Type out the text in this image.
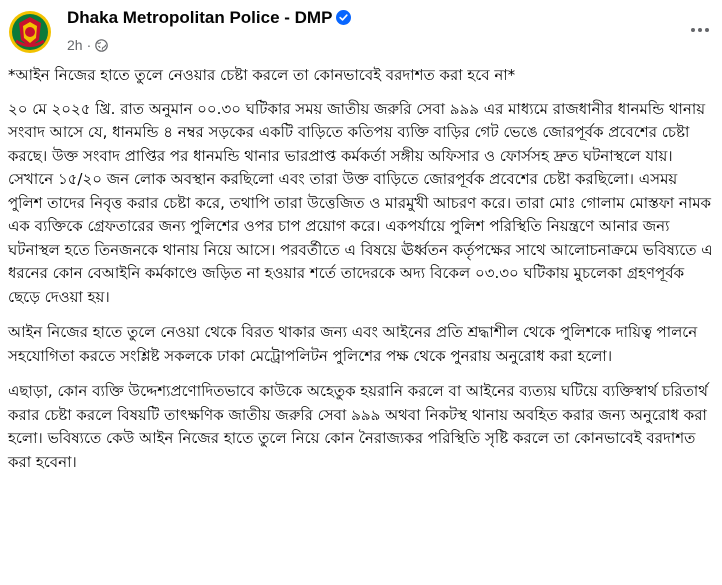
Dhaka Metropolitan Police - DMP
2h ·

*আইন নিজের হাতে তুলে নেওয়ার চেষ্টা করলে তা কোনভাবেই বরদাশত করা হবে না*

২০ মে ২০২৫ খ্রি. রাত অনুমান ০০.৩০ ঘটিকার সময় জাতীয় জরুরি সেবা ৯৯৯ এর মাধ্যমে রাজধানীর ধানমন্ডি থানায় সংবাদ আসে যে, ধানমন্ডি ৪ নম্বর সড়কের একটি বাড়িতে কতিপয় ব্যক্তি বাড়ির গেট ভেঙে জোরপূর্বক প্রবেশের চেষ্টা করছে। উক্ত সংবাদ প্রাপ্তির পর ধানমন্ডি থানার ভারপ্রাপ্ত কর্মকর্তা সঙ্গীয় অফিসার ও ফোর্সসহ দ্রুত ঘটনাস্থলে যায়। সেখানে ১৫/২০ জন লোক অবস্থান করছিলো এবং তারা উক্ত বাড়িতে জোরপূর্বক প্রবেশের চেষ্টা করছিলো। এসময় পুলিশ তাদের নিবৃত্ত করার চেষ্টা করে, তথাপি তারা উত্তেজিত ও মারমুখী আচরণ করে। তারা মোঃ গোলাম মোস্তফা নামক এক ব্যক্তিকে গ্রেফতারের জন্য পুলিশের ওপর চাপ প্রয়োগ করে। একপর্যায়ে পুলিশ পরিস্থিতি নিয়ন্ত্রণে আনার জন্য ঘটনাস্থল হতে তিনজনকে থানায় নিয়ে আসে। পরবর্তীতে এ বিষয়ে ঊর্ধ্বতন কর্তৃপক্ষের সাথে আলোচনাক্রমে ভবিষ্যতে এ ধরনের কোন বেআইনি কর্মকাণ্ডে জড়িত না হওয়ার শর্তে তাদেরকে অদ্য বিকেল ০৩.৩০ ঘটিকায় মুচলেকা গ্রহণপূর্বক ছেড়ে দেওয়া হয়।

আইন নিজের হাতে তুলে নেওয়া থেকে বিরত থাকার জন্য এবং আইনের প্রতি শ্রদ্ধাশীল থেকে পুলিশকে দায়িত্ব পালনে সহযোগিতা করতে সংশ্লিষ্ট সকলকে ঢাকা মেট্রোপলিটন পুলিশের পক্ষ থেকে পুনরায় অনুরোধ করা হলো।

এছাড়া, কোন ব্যক্তি উদ্দেশ্যপ্রণোদিতভাবে কাউকে অহেতুক হয়রানি করলে বা আইনের ব্যত্যয় ঘটিয়ে ব্যক্তিস্বার্থ চরিতার্থ করার চেষ্টা করলে বিষয়টি তাৎক্ষণিক জাতীয় জরুরি সেবা ৯৯৯ অথবা নিকটস্থ থানায় অবহিত করার জন্য অনুরোধ করা হলো। ভবিষ্যতে কেউ আইন নিজের হাতে তুলে নিয়ে কোন নৈরাজ্যকর পরিস্থিতি সৃষ্টি করলে তা কোনভাবেই বরদাশত করা হবেনা।
